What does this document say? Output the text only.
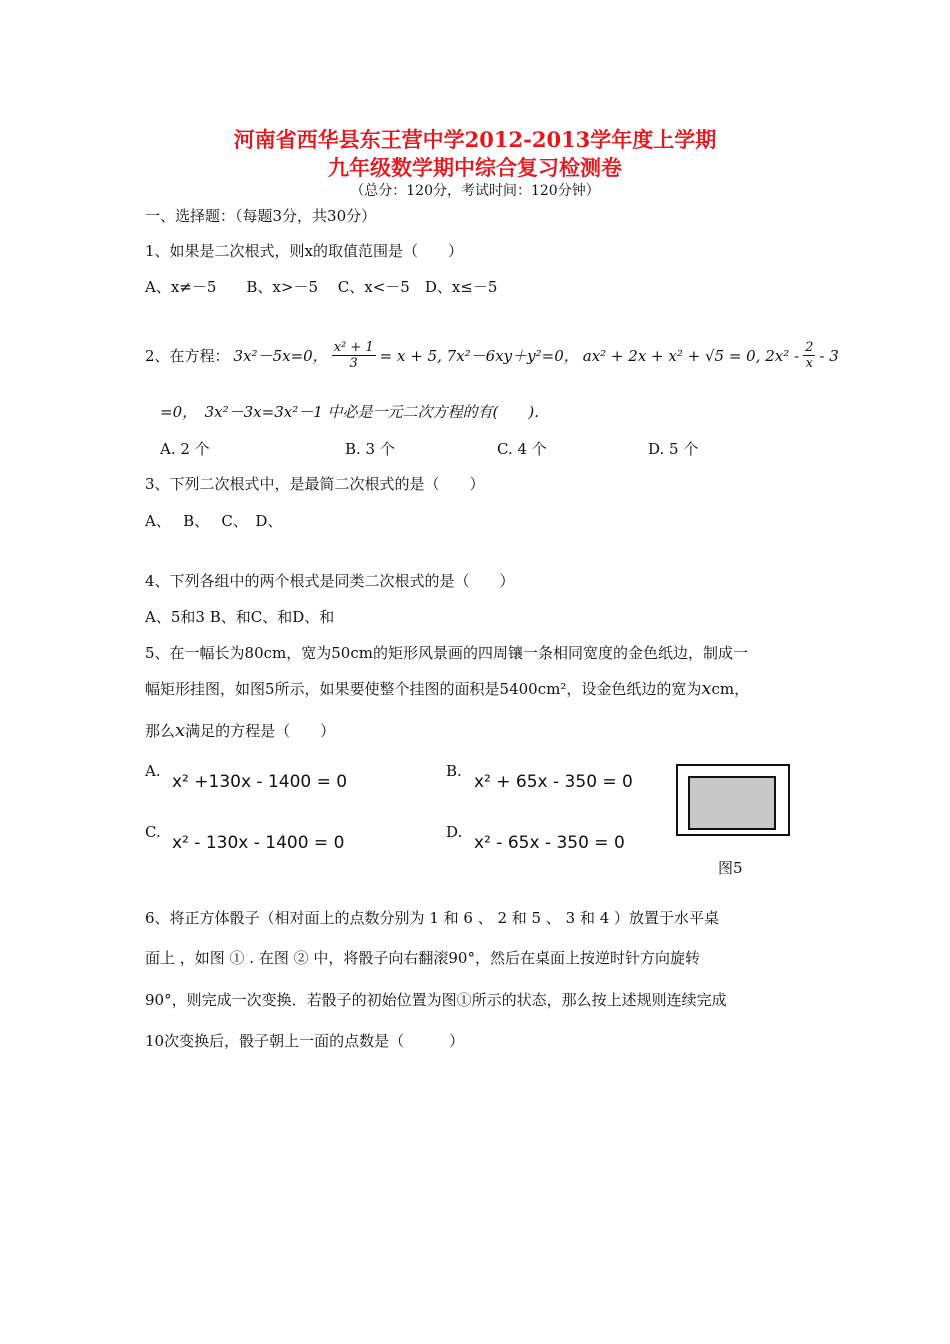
河南省西华县东王营中学2012-2013学年度上学期
九年级数学期中综合复习检测卷
（总分：120分，考试时间：120分钟）
一、选择题：（每题3分，共30分）
1、如果是二次根式，则x的取值范围是（　　）
A、x≠－5　　B、x>－5　 C、x<－5　D、x≤－5
2、在方程： 3x²－5x=0， $\frac{\text{x² + 1}}{3} = x + 5$, 7x²－6xy＋y²=0， ax² + 2x + x² + √5 = 0, $2x^2 - \frac{2}{x} - 3$
=0，　3x²－3x=3x²－1 中必是一元二次方程的有(　　).
A. 2 个	B. 3 个	C. 4 个	D. 5 个
3、下列二次根式中，是最简二次根式的是（　　）
A、　 B、　 C、　D、
4、下列各组中的两个根式是同类二次根式的是（　　）
A、5和3 B、和C、和D、和
5、在一幅长为80cm，宽为50cm的矩形风景画的四周镶一条相同宽度的金色纸边，制成一
幅矩形挂图，如图5所示，如果要使整个挂图的面积是5400cm²，设金色纸边的宽为xcm，
那么x满足的方程是（　　）
A.
x² +130x - 1400 = 0
B.
x² + 65x - 350 = 0
C.
x² - 130x - 1400 = 0
D.
x² - 65x - 350 = 0
图5
6、将正方体骰子（相对面上的点数分别为 1 和 6 、 2 和 5 、 3 和 4 ）放置于水平桌
面上 ，如图 ① . 在图 ② 中，将骰子向右翻滚90°，然后在桌面上按逆时针方向旋转
90°，则完成一次变换．若骰子的初始位置为图①所示的状态，那么按上述规则连续完成
10次变换后，骰子朝上一面的点数是（　　　）
